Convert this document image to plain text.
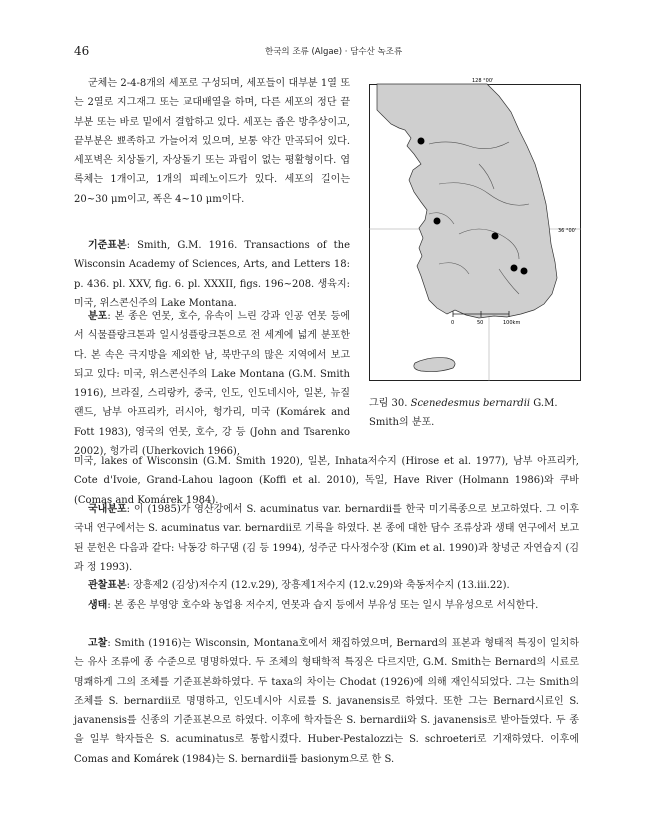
46	한국의 조류 (Algae) · 담수산 녹조류

군체는 2-4-8개의 세포로 구성되며, 세포들이 대부분 1열 또는 2열로 지그재그 또는 교대배열을 하며, 다른 세포의 정단 끝부분 또는 바로 밑에서 결합하고 있다. 세포는 좁은 방추상이고, 끝부분은 뾰족하고 가늘어져 있으며, 보통 약간 만곡되어 있다. 세포벽은 치상돌기, 자상돌기 또는 과립이 없는 평활형이다. 엽록체는 1개이고, 1개의 피레노이드가 있다. 세포의 길이는 20~30 μm이고, 폭은 4~10 μm이다.

기준표본: Smith, G.M. 1916. Transactions of the Wisconsin Academy of Sciences, Arts, and Letters 18: p. 436. pl. XXV, fig. 6. pl. XXXII, figs. 196~208. 생육지: 미국, 위스콘신주의 Lake Montana.

분포: 본 종은 연못, 호수, 유속이 느린 강과 인공 연못 등에서 식물플랑크톤과 일시성플랑크톤으로 전 세계에 넓게 분포한다. 본 속은 극지방을 제외한 남, 북반구의 많은 지역에서 보고되고 있다: 미국, 위스콘신주의 Lake Montana (G.M. Smith 1916), 브라질, 스리랑카, 중국, 인도, 인도네시아, 일본, 뉴질랜드, 남부 아프리카, 러시아, 헝가리, 미국 (Komárek and Fott 1983), 영국의 연못, 호수, 강 등 (John and Tsarenko 2002), 헝가리 (Uherkovich 1966),

미국, lakes of Wisconsin (G.M. Smith 1920), 일본, Inhata저수지 (Hirose et al. 1977), 남부 아프리카, Cote d'Ivoie, Grand-Lahou lagoon (Koffi et al. 2010), 독일, Have River (Holmann 1986)와 쿠바 (Comas and Komárek 1984).

국내분포: 이 (1985)가 영산강에서 S. acuminatus var. bernardii를 한국 미기록종으로 보고하였다. 그 이후 국내 연구에서는 S. acuminatus var. bernardii로 기록을 하였다. 본 종에 대한 담수 조류상과 생태 연구에서 보고된 문헌은 다음과 같다: 낙동강 하구댐 (김 등 1994), 성주군 다사정수장 (Kim et al. 1990)과 창녕군 자연습지 (김과 정 1993).

관찰표본: 장흥제2 (김상)저수지 (12.v.29), 장흥제1저수지 (12.v.29)와 축동저수지 (13.iii.22).

생태: 본 종은 부영양 호수와 농업용 저수지, 연못과 습지 등에서 부유성 또는 일시 부유성으로 서식한다.

고찰: Smith (1916)는 Wisconsin, Montana호에서 채집하였으며, Bernard의 표본과 형태적 특징이 일치하는 유사 조류에 종 수준으로 명명하였다. 두 조체의 형태학적 특징은 다르지만, G.M. Smith는 Bernard의 시료로 명쾌하게 그의 조체를 기준표본화하였다. 두 taxa의 차이는 Chodat (1926)에 의해 재인식되었다. 그는 Smith의 조체를 S. bernardii로 명명하고, 인도네시아 시료를 S. javanensis로 하였다. 또한 그는 Bernard시료인 S. javanensis를 신종의 기준표본으로 하였다. 이후에 학자들은 S. bernardii와 S. javanensis로 받아들였다. 두 종을 일부 학자들은 S. acuminatus로 통합시켰다. Huber-Pestalozzi는 S. schroeteri로 기재하였다. 이후에 Comas and Komárek (1984)는 S. bernardii를 basionym으로 한 S.

128 °00'
36 °00'
0	50	100km

그림 30. Scenedesmus bernardii G.M. Smith의 분포.
